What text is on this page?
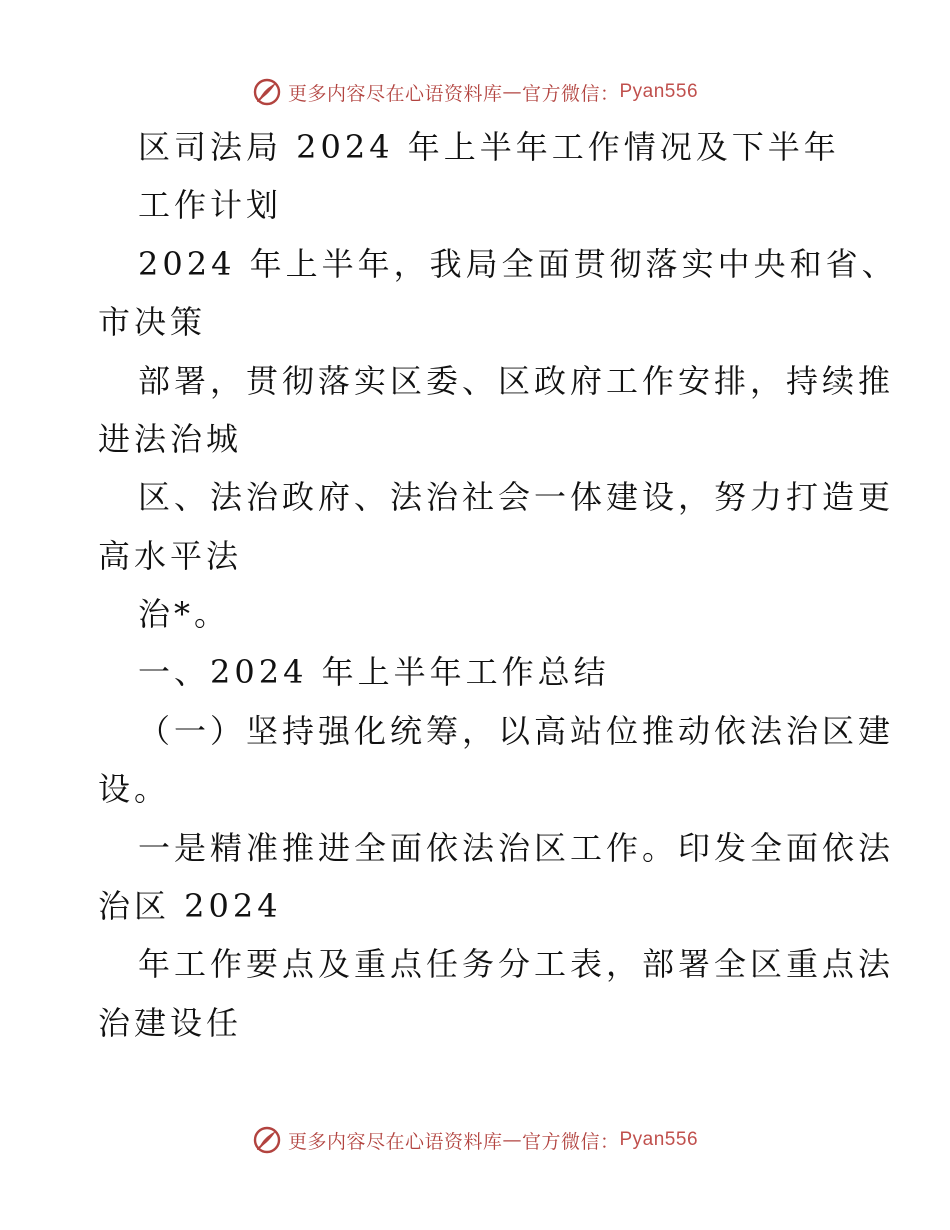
更多内容尽在心语资料库 — 官方微信： Pyan556
区司法局 2024 年上半年工作情况及下半年
工作计划
2024 年上半年，我局全面贯彻落实中央和省、
市决策
部署，贯彻落实区委、区政府工作安排，持续推
进法治城
区、法治政府、法治社会一体建设，努力打造更
高水平法
治*。
一、2024 年上半年工作总结
（一）坚持强化统筹，以高站位推动依法治区建
设。
一是精准推进全面依法治区工作。印发全面依法
治区 2024
年工作要点及重点任务分工表，部署全区重点法
治建设任
更多内容尽在心语资料库 — 官方微信： Pyan556
